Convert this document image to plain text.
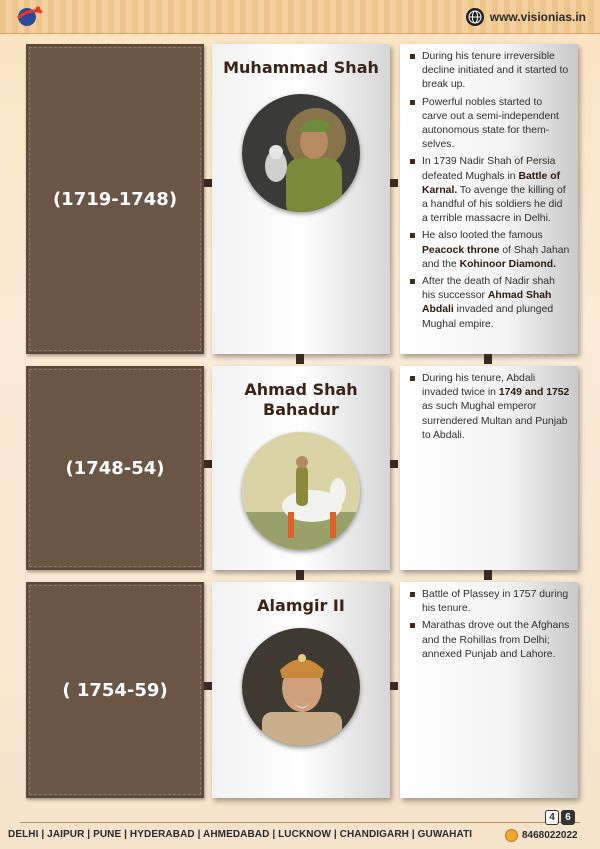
www.visionias.in
(1719-1748)
Muhammad Shah
During his tenure irreversible decline initiated and it started to break up.
Powerful nobles started to carve out a semi-independent autonomous state for them-selves.
In 1739 Nadir Shah of Persia defeated Mughals in Battle of Karnal. To avenge the killing of a handful of his soldiers he did a terrible massacre in Delhi.
He also looted the famous Peacock throne of Shah Jahan and the Kohinoor Diamond.
After the death of Nadir shah his successor Ahmad Shah Abdali invaded and plunged Mughal empire.
(1748-54)
Ahmad Shah Bahadur
During his tenure, Abdali invaded twice in 1749 and 1752 as such Mughal emperor surrendered Multan and Punjab to Abdali.
( 1754-59)
Alamgir II
Battle of Plassey in 1757 during his tenure.
Marathas drove out the Afghans and the Rohillas from Delhi; annexed Punjab and Lahore.
4	6
DELHI | JAIPUR | PUNE | HYDERABAD | AHMEDABAD | LUCKNOW | CHANDIGARH | GUWAHATI	8468022022
